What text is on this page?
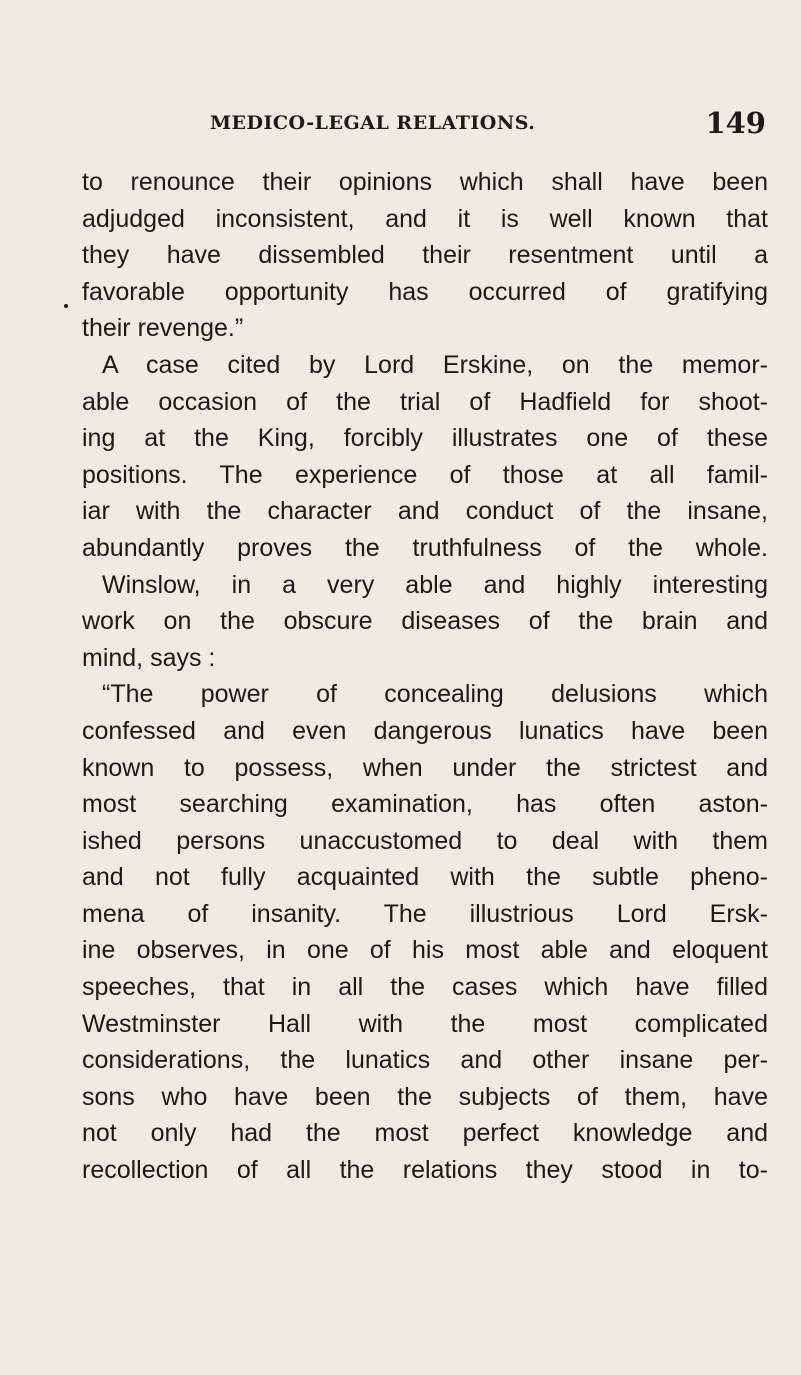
MEDICO-LEGAL RELATIONS.	149
to renounce their opinions which shall have been
adjudged inconsistent, and it is well known that
they have dissembled their resentment until a
favorable opportunity has occurred of gratifying
their revenge.”
A case cited by Lord Erskine, on the memor-
able occasion of the trial of Hadfield for shoot-
ing at the King, forcibly illustrates one of these
positions. The experience of those at all famil-
iar with the character and conduct of the insane,
abundantly proves the truthfulness of the whole.
Winslow, in a very able and highly interesting
work on the obscure diseases of the brain and
mind, says :
“The power of concealing delusions which
confessed and even dangerous lunatics have been
known to possess, when under the strictest and
most searching examination, has often aston-
ished persons unaccustomed to deal with them
and not fully acquainted with the subtle pheno-
mena of insanity. The illustrious Lord Ersk-
ine observes, in one of his most able and eloquent
speeches, that in all the cases which have filled
Westminster Hall with the most complicated
considerations, the lunatics and other insane per-
sons who have been the subjects of them, have
not only had the most perfect knowledge and
recollection of all the relations they stood in to-
